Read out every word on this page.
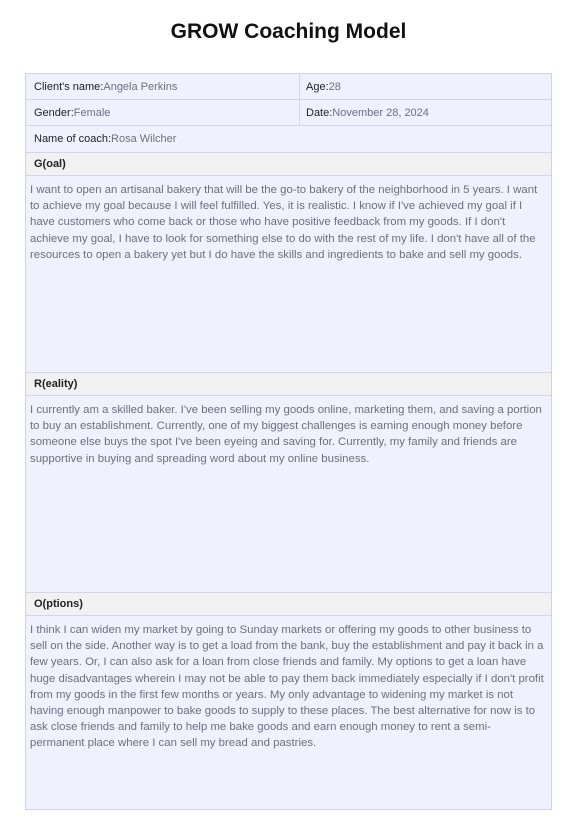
GROW Coaching Model
Client's name: Angela Perkins	Age: 28
Gender: Female	Date: November 28, 2024
Name of coach: Rosa Wilcher
G(oal)
I want to open an artisanal bakery that will be the go-to bakery of the neighborhood in 5 years. I want to achieve my goal because I will feel fulfilled. Yes, it is realistic. I know if I've achieved my goal if I have customers who come back or those who have positive feedback from my goods. If I don't achieve my goal, I have to look for something else to do with the rest of my life. I don't have all of the resources to open a bakery yet but I do have the skills and ingredients to bake and sell my goods.
R(eality)
I currently am a skilled baker. I've been selling my goods online, marketing them, and saving a portion to buy an establishment. Currently, one of my biggest challenges is earning enough money before someone else buys the spot I've been eyeing and saving for. Currently, my family and friends are supportive in buying and spreading word about my online business.
O(ptions)
I think I can widen my market by going to Sunday markets or offering my goods to other business to sell on the side. Another way is to get a load from the bank, buy the establishment and pay it back in a few years. Or, I can also ask for a loan from close friends and family. My options to get a loan have huge disadvantages wherein I may not be able to pay them back immediately especially if I don't profit from my goods in the first few months or years. My only advantage to widening my market is not having enough manpower to bake goods to supply to these places. The best alternative for now is to ask close friends and family to help me bake goods and earn enough money to rent a semi-permanent place where I can sell my bread and pastries.
